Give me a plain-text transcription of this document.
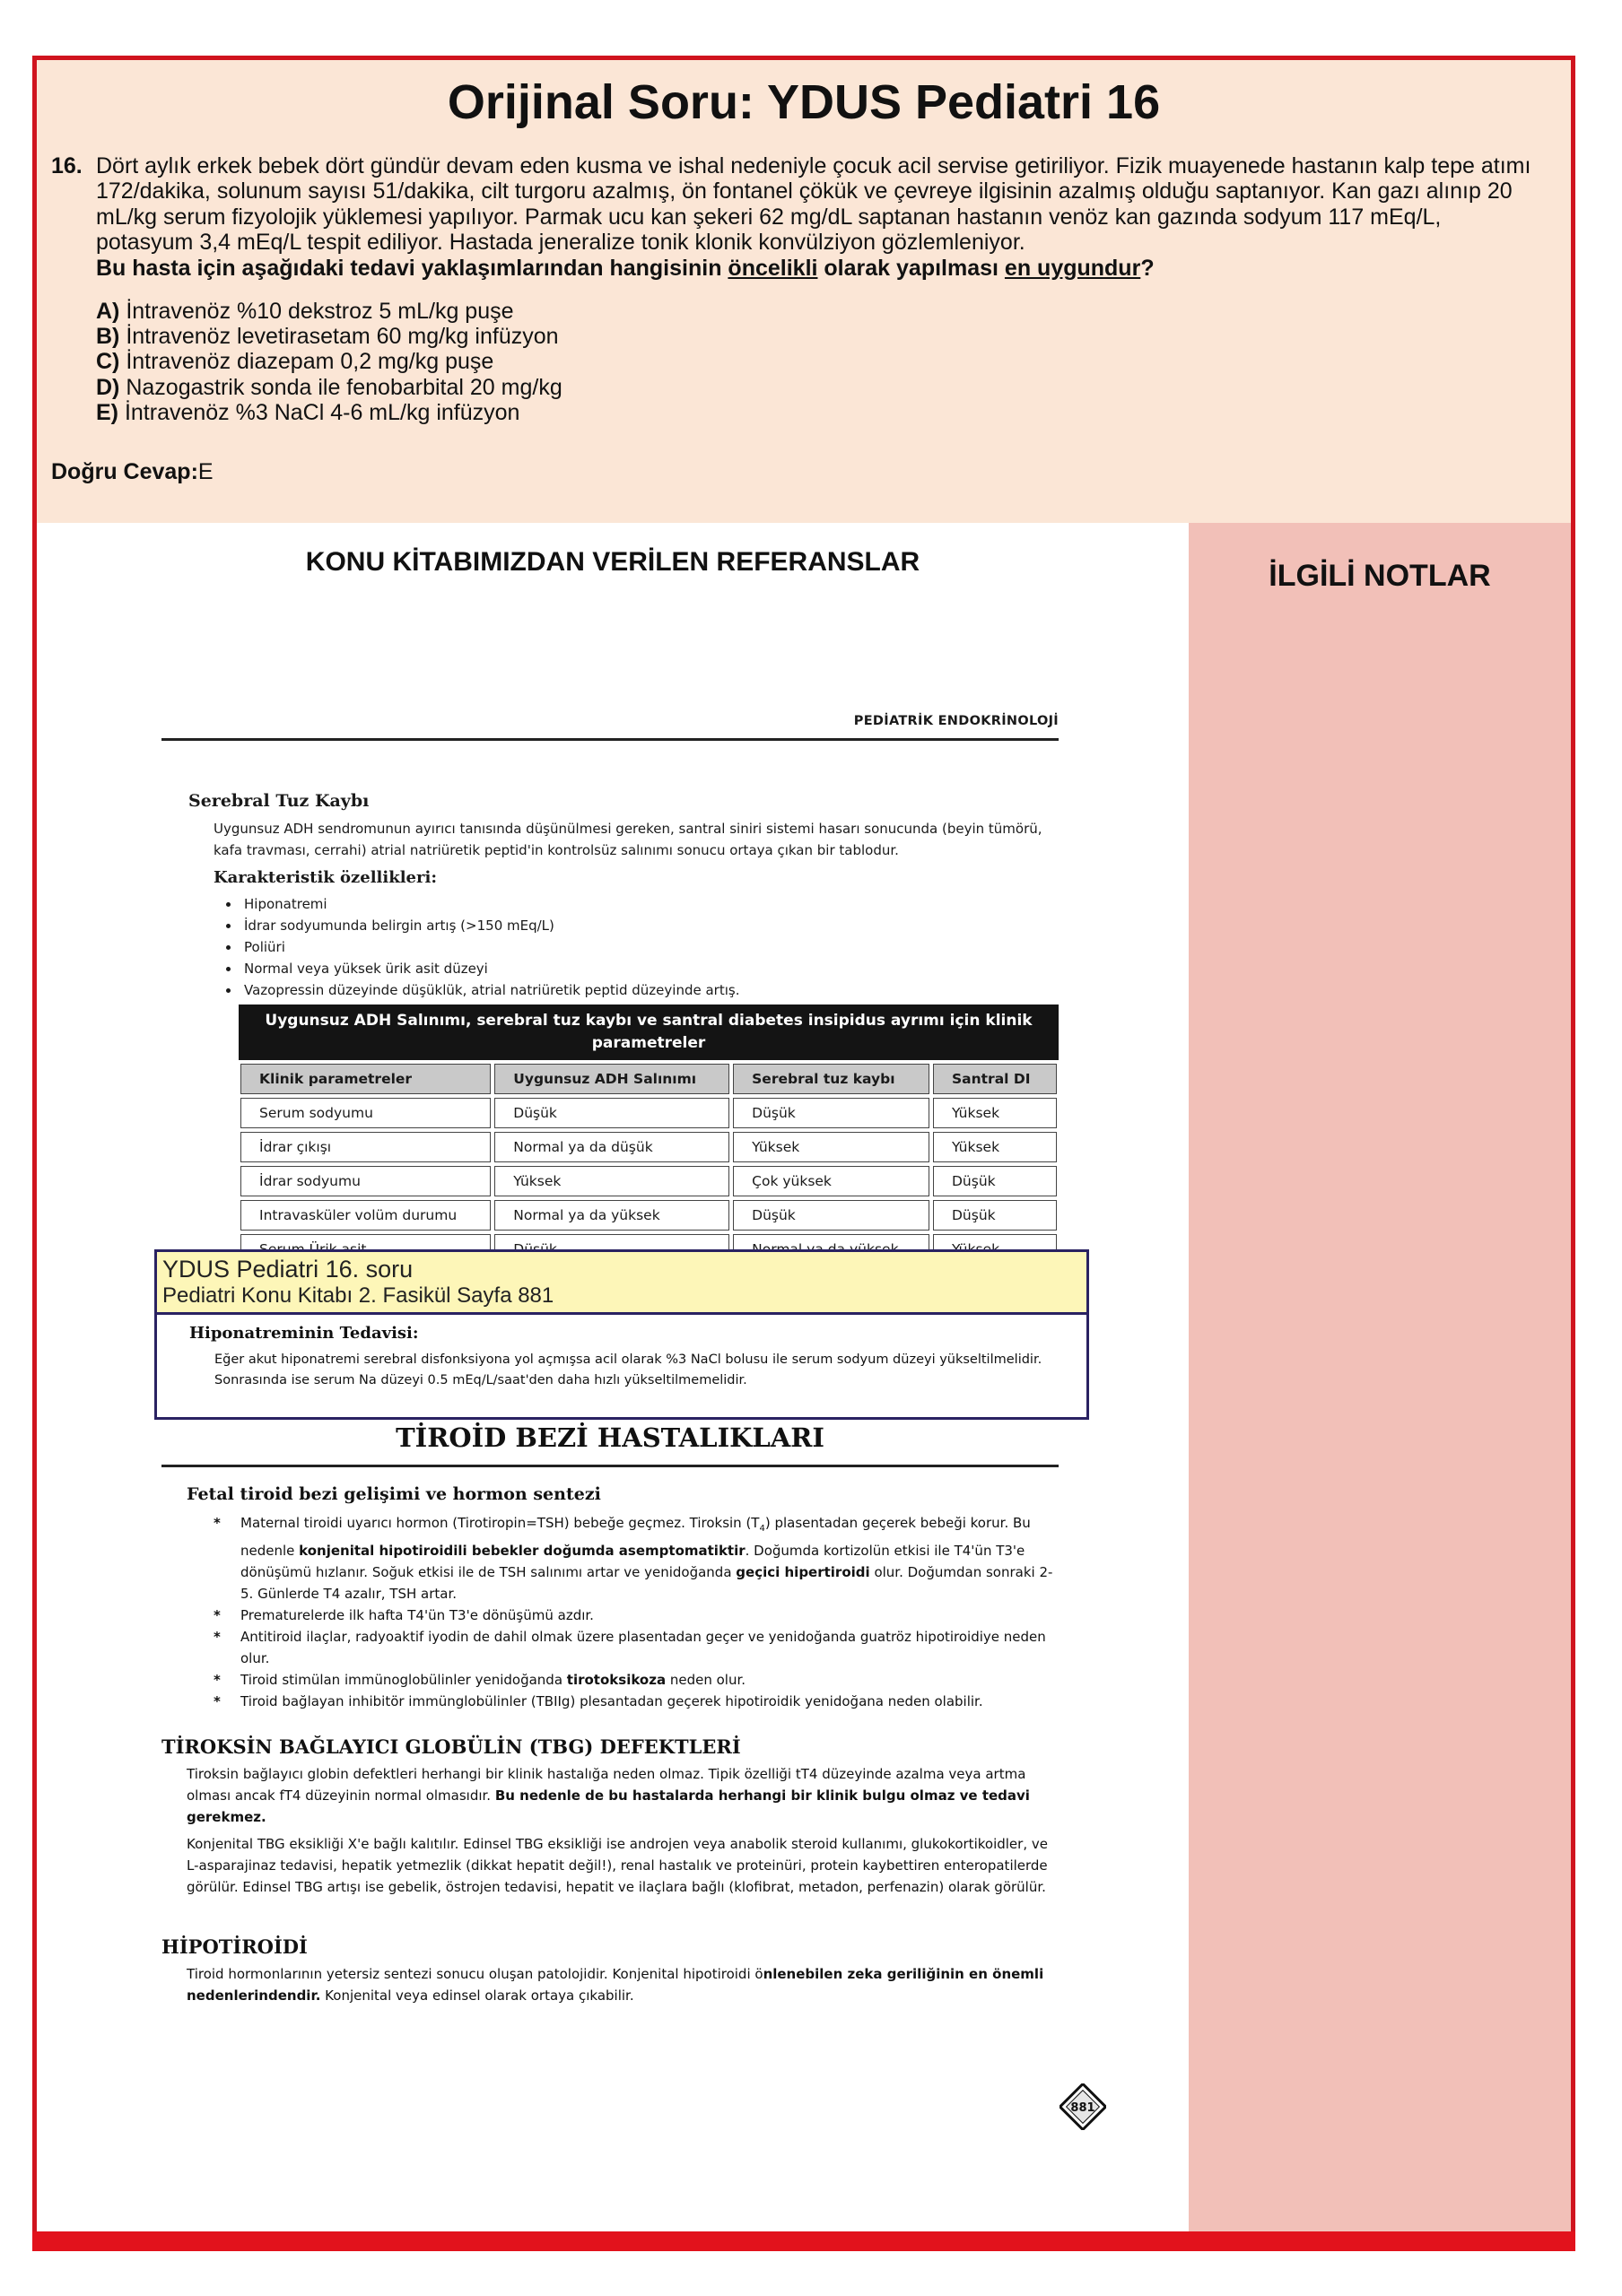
Orijinal Soru: YDUS Pediatri 16
16. Dört aylık erkek bebek dört gündür devam eden kusma ve ishal nedeniyle çocuk acil servise getiriliyor. Fizik muayenede hastanın kalp tepe atımı 172/dakika, solunum sayısı 51/dakika, cilt turgoru azalmış, ön fontanel çökük ve çevreye ilgisinin azalmış olduğu saptanıyor. Kan gazı alınıp 20 mL/kg serum fizyolojik yüklemesi yapılıyor. Parmak ucu kan şekeri 62 mg/dL saptanan hastanın venöz kan gazında sodyum 117 mEq/L, potasyum 3,4 mEq/L tespit ediliyor. Hastada jeneralize tonik klonik konvülziyon gözlemleniyor.
Bu hasta için aşağıdaki tedavi yaklaşımlarından hangisinin öncelikli olarak yapılması en uygundur?
A) İntravenöz %10 dekstroz 5 mL/kg puşe
B) İntravenöz levetirasetam 60 mg/kg infüzyon
C) İntravenöz diazepam 0,2 mg/kg puşe
D) Nazogastrik sonda ile fenobarbital 20 mg/kg
E) İntravenöz %3 NaCl 4-6 mL/kg infüzyon
Doğru Cevap:E
İLGİLİ NOTLAR
KONU KİTABIMIZDAN VERİLEN REFERANSLAR
PEDİATRİK ENDOKRİNOLOJİ
Serebral Tuz Kaybı
Uygunsuz ADH sendromunun ayırıcı tanısında düşünülmesi gereken, santral siniri sistemi hasarı sonucunda (beyin tümörü, kafa travması, cerrahi) atrial natriüretik peptid'in kontrolsüz salınımı sonucu ortaya çıkan bir tablodur.
Karakteristik özellikleri:
• Hiponatremi
• İdrar sodyumunda belirgin artış (>150 mEq/L)
• Poliüri
• Normal veya yüksek ürik asit düzeyi
• Vazopressin düzeyinde düşüklük, atrial natriüretik peptid düzeyinde artış.
Uygunsuz ADH Salınımı, serebral tuz kaybı ve santral diabetes insipidus ayrımı için klinik parametreler
Klinik parametreler	Uygunsuz ADH Salınımı	Serebral tuz kaybı	Santral DI
Serum sodyumu	Düşük	Düşük	Yüksek
İdrar çıkışı	Normal ya da düşük	Yüksek	Yüksek
İdrar sodyumu	Yüksek	Çok yüksek	Düşük
Intravasküler volüm durumu	Normal ya da yüksek	Düşük	Düşük

YDUS Pediatri 16. soru
Pediatri Konu Kitabı 2. Fasikül Sayfa 881
Hiponatreminin Tedavisi:
Eğer akut hiponatremi serebral disfonksiyona yol açmışsa acil olarak %3 NaCl bolusu ile serum sodyum düzeyi yükseltilmelidir. Sonrasında ise serum Na düzeyi 0.5 mEq/L/saat'den daha hızlı yükseltilmemelidir.
TİROİD BEZİ HASTALIKLARI
Fetal tiroid bezi gelişimi ve hormon sentezi
* Maternal tiroidi uyarıcı hormon (Tirotiropin=TSH) bebeğe geçmez. Tiroksin $(T_4)$ plasentadan geçerek bebeği korur. Bu nedenle konjenital hipotiroidili bebekler doğumda asemptomatiktir. Doğumda kortizolün etkisi ile T4'ün T3'e dönüşümü hızlanır. Soğuk etkisi ile de TSH salınımı artar ve yenidoğanda geçici hipertiroidi olur. Doğumdan sonraki 2-5. Günlerde T4 azalır, TSH artar.
* Prematurelerde ilk hafta T4'ün T3'e dönüşümü azdır.
* Antitiroid ilaçlar, radyoaktif iyodin de dahil olmak üzere plasentadan geçer ve yenidoğanda guatröz hipotiroidiye neden olur.
* Tiroid stimülan immünoglobülinler yenidoğanda tirotoksikoza neden olur.
* Tiroid bağlayan inhibitör immünglobülinler (TBIIg) plesantadan geçerek hipotiroidik yenidoğana neden olabilir.
TİROKSİN BAĞLAYICI GLOBÜLİN (TBG) DEFEKTLERİ
Tiroksin bağlayıcı globin defektleri herhangi bir klinik hastalığa neden olmaz. Tipik özelliği tT4 düzeyinde azalma veya artma olması ancak fT4 düzeyinin normal olmasıdır. Bu nedenle de bu hastalarda herhangi bir klinik bulgu olmaz ve tedavi gerekmez.
Konjenital TBG eksikliği X'e bağlı kalıtılır. Edinsel TBG eksikliği ise androjen veya anabolik steroid kullanımı, glukokortikoidler, ve L-asparajinaz tedavisi, hepatik yetmezlik (dikkat hepatit değil!), renal hastalık ve proteinüri, protein kaybettiren enteropatilerde görülür. Edinsel TBG artışı ise gebelik, östrojen tedavisi, hepatit ve ilaçlara bağlı (klofibrat, metadon, perfenazin) olarak görülür.
HİPOTİROİDİ
Tiroid hormonlarının yetersiz sentezi sonucu oluşan patolojidir. Konjenital hipotiroidi önlenebilen zeka geriliğinin en önemli nedenlerindendir. Konjenital veya edinsel olarak ortaya çıkabilir.
881
